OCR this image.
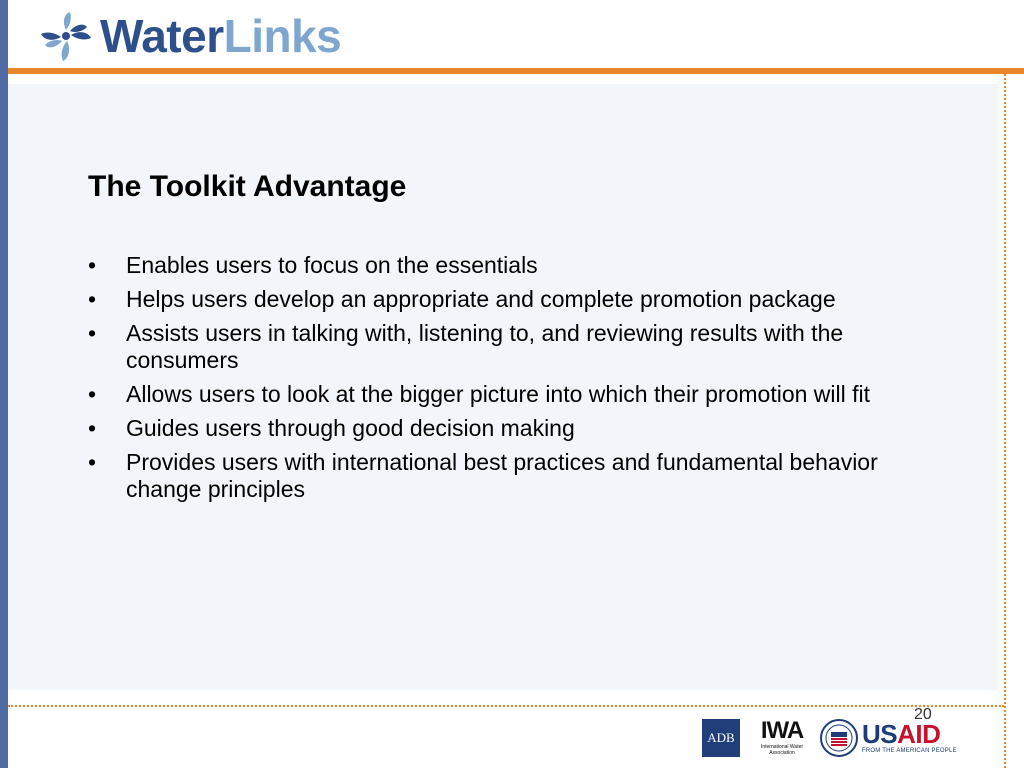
WaterLinks
The Toolkit Advantage
• Enables users to focus on the essentials
• Helps users develop an appropriate and complete promotion package
• Assists users in talking with, listening to, and reviewing results with the consumers
• Allows users to look at the bigger picture into which their promotion will fit
• Guides users through good decision making
• Provides users with international best practices and fundamental behavior change principles
20
ADB IWA
International Water Association
USAID
FROM THE AMERICAN PEOPLE
